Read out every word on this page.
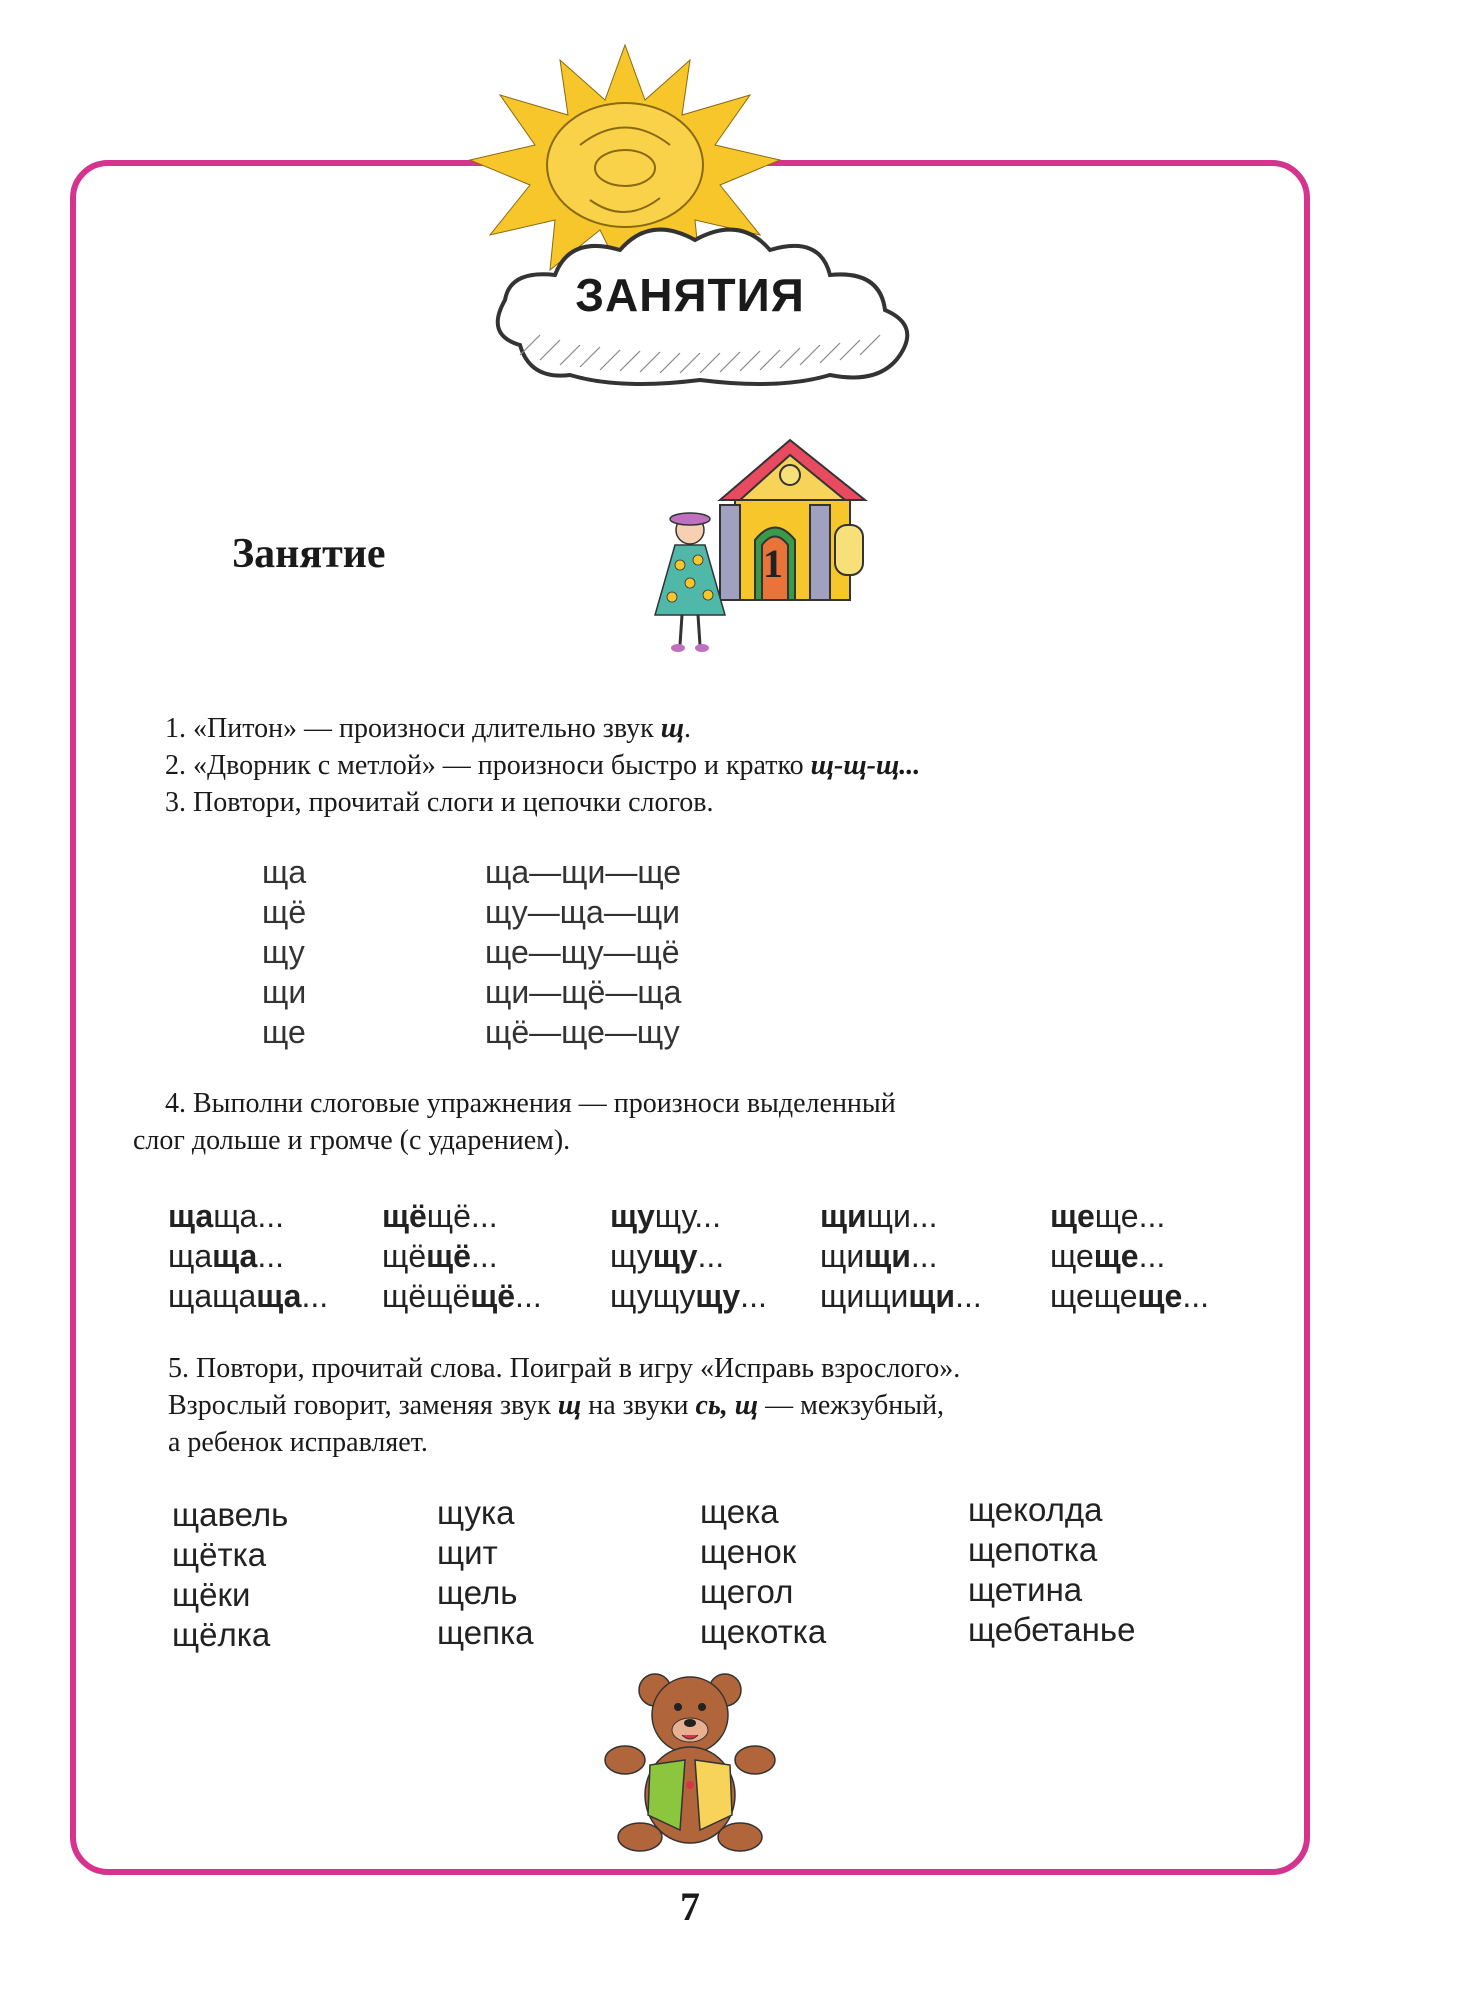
ЗАНЯТИЯ
Занятие	1
1. «Питон» — произноси длительно звук щ.
2. «Дворник с метлой» — произноси быстро и кратко щ-щ-щ...
3. Повтори, прочитай слоги и цепочки слогов.
ща
щё
щу
щи
ще
ща—щи—ще
щу—ща—щи
ще—щу—щё
щи—щё—ща
щё—ще—щу
4. Выполни слоговые упражнения — произноси выделенный
слог дольше и громче (с ударением).
щаща...
щаща...
щащаща...
щёщё...
щёщё...
щёщёщё...
щущу...
щущу...
щущущу...
щищи...
щищи...
щищищи...
щеще...
щеще...
щещеще...
5. Повтори, прочитай слова. Поиграй в игру «Исправь взрослого».
Взрослый говорит, заменяя звук щ на звуки сь, щ — межзубный,
а ребенок исправляет.
щавель
щётка
щёки
щёлка
щука
щит
щель
щепка
щека
щенок
щегол
щекотка
щеколда
щепотка
щетина
щебетанье
7
